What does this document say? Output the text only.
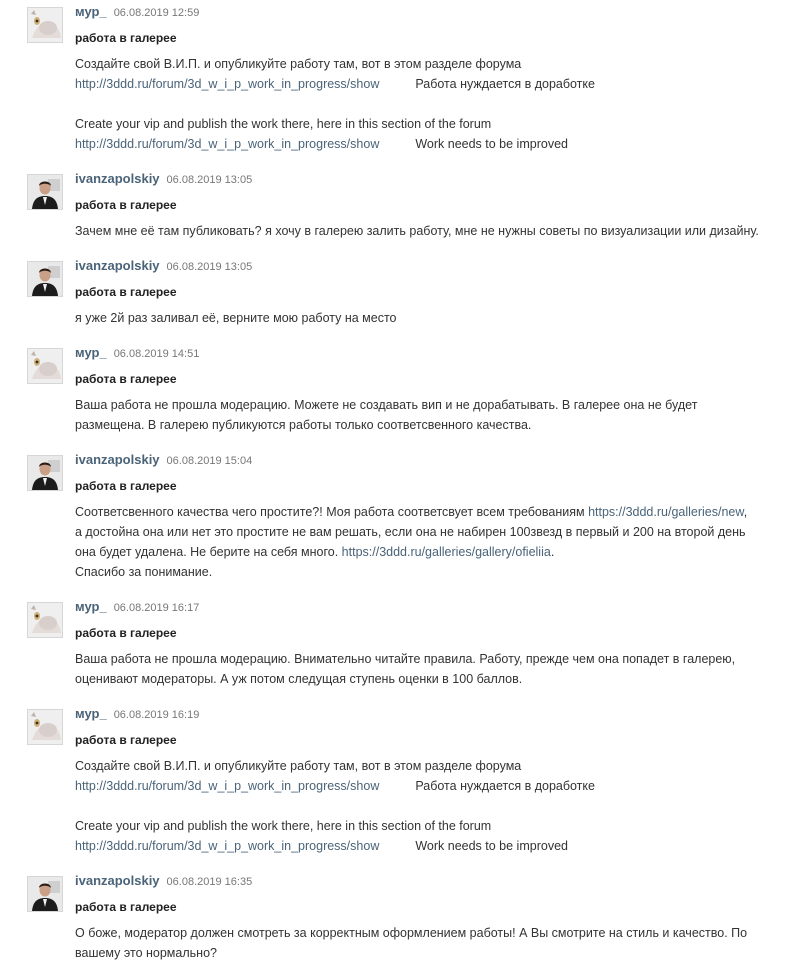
мур_ 06.08.2019 12:59
работа в галерее
Создайте свой В.И.П. и опубликуйте работу там, вот в этом разделе форума
http://3ddd.ru/forum/3d_w_i_p_work_in_progress/show	Работа нуждается в доработке
Create your vip and publish the work there, here in this section of the forum
http://3ddd.ru/forum/3d_w_i_p_work_in_progress/show	Work needs to be improved
ivanzapolskiy 06.08.2019 13:05
работа в галерее
Зачем мне её там публиковать? я хочу в галерею залить работу, мне не нужны советы по визуализации или дизайну.
ivanzapolskiy 06.08.2019 13:05
работа в галерее
я уже 2й раз заливал её, верните мою работу на место
мур_ 06.08.2019 14:51
работа в галерее
Ваша работа не прошла модерацию. Можете не создавать вип и не дорабатывать. В галерее она не будет
размещена. В галерею публикуются работы только соответсвенного качества.
ivanzapolskiy 06.08.2019 15:04
работа в галерее
Соответсвенного качества чего простите?! Моя работа соответсвует всем требованиям https://3ddd.ru/galleries/new,
а достойна она или нет это простите не вам решать, если она не набирен 100звезд в первый и 200 на второй день
она будет удалена. Не берите на себя много. https://3ddd.ru/galleries/gallery/ofieliia.
Спасибо за понимание.
мур_ 06.08.2019 16:17
работа в галерее
Ваша работа не прошла модерацию. Внимательно читайте правила. Работу, прежде чем она попадет в галерею,
оценивают модераторы. А уж потом следущая ступень оценки в 100 баллов.
мур_ 06.08.2019 16:19
работа в галерее
Создайте свой В.И.П. и опубликуйте работу там, вот в этом разделе форума
http://3ddd.ru/forum/3d_w_i_p_work_in_progress/show	Работа нуждается в доработке
Create your vip and publish the work there, here in this section of the forum
http://3ddd.ru/forum/3d_w_i_p_work_in_progress/show	Work needs to be improved
ivanzapolskiy 06.08.2019 16:35
работа в галерее
О боже, модератор должен смотреть за корректным оформлением работы! А Вы смотрите на стиль и качество. По
вашему это нормально?
